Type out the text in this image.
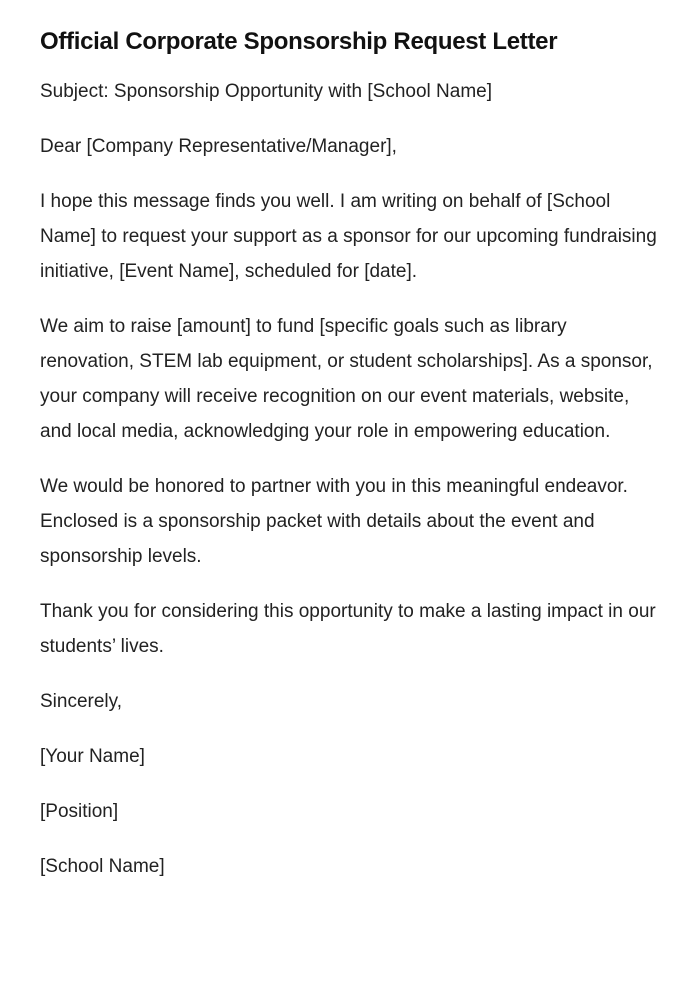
Official Corporate Sponsorship Request Letter

Subject: Sponsorship Opportunity with [School Name]

Dear [Company Representative/Manager],

I hope this message finds you well. I am writing on behalf of [School Name] to request your support as a sponsor for our upcoming fundraising initiative, [Event Name], scheduled for [date].

We aim to raise [amount] to fund [specific goals such as library renovation, STEM lab equipment, or student scholarships]. As a sponsor, your company will receive recognition on our event materials, website, and local media, acknowledging your role in empowering education.

We would be honored to partner with you in this meaningful endeavor. Enclosed is a sponsorship packet with details about the event and sponsorship levels.

Thank you for considering this opportunity to make a lasting impact in our students’ lives.

Sincerely,

[Your Name]

[Position]

[School Name]
